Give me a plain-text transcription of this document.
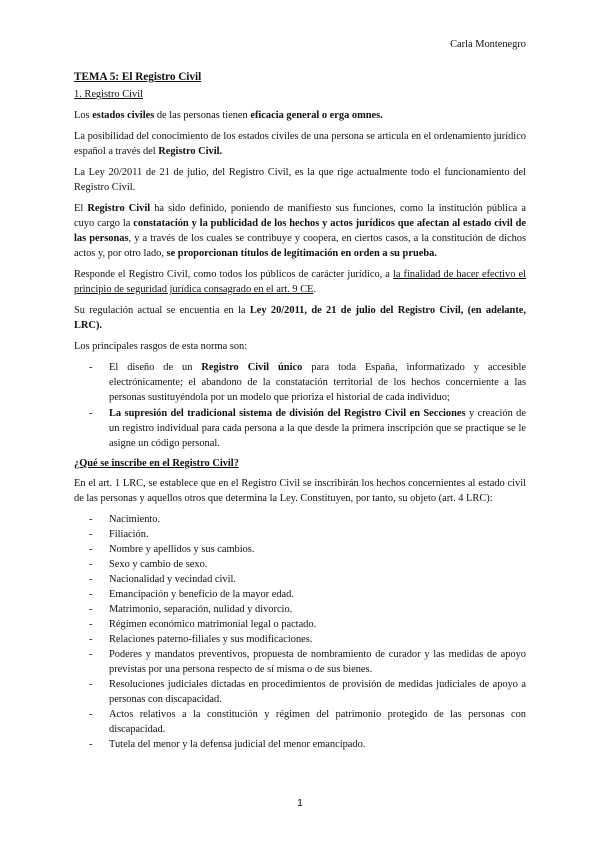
Carla Montenegro
TEMA 5: El Registro Civil
1. Registro Civil

Los estados civiles de las personas tienen eficacia general o erga omnes.

La posibilidad del conocimiento de los estados civiles de una persona se articula en el ordenamiento jurídico español a través del Registro Civil.

La Ley 20/2011 de 21 de julio, del Registro Civil, es la que rige actualmente todo el funcionamiento del Registro Civil.

El Registro Civil ha sido definido, poniendo de manifiesto sus funciones, como la institución pública a cuyo cargo la constatación y la publicidad de los hechos y actos jurídicos que afectan al estado civil de las personas, y a través de los cuales se contribuye y coopera, en ciertos casos, a la constitución de dichos actos y, por otro lado, se proporcionan títulos de legitimación en orden a su prueba.

Responde el Registro Civil, como todos los públicos de carácter jurídico, a la finalidad de hacer efectivo el principio de seguridad jurídica consagrado en el art. 9 CE.

Su regulación actual se encuentia en la Ley 20/2011, de 21 de julio del Registro Civil, (en adelante, LRC).

Los principales rasgos de esta norma son:

- El diseño de un Registro Civil único para toda España, informatizado y accesible electrónicamente; el abandono de la constatación territorial de los hechos concerniente a las personas sustituyéndola por un modelo que prioriza el historial de cada individuo;
- La supresión del tradicional sistema de división del Registro Civil en Secciones y creación de un registro individual para cada persona a la que desde la primera inscripción que se practique se le asigne un código personal.
¿Qué se inscribe en el Registro Civil?

En el art. 1 LRC, se establece que en el Registro Civil se inscribirán los hechos concernientes al estado civil de las personas y aquellos otros que determina la Ley. Constituyen, por tanto, su objeto (art. 4 LRC):

- Nacimiento.
- Filiación.
- Nombre y apellidos y sus cambios.
- Sexo y cambio de sexo.
- Nacionalidad y vecindad civil.
- Emancipación y beneficio de la mayor edad.
- Matrimonio, separación, nulidad y divorcio.
- Régimen económico matrimonial legal o pactado.
- Relaciones paterno-filiales y sus modificaciones.
- Poderes y mandatos preventivos, propuesta de nombramiento de curador y las medidas de apoyo previstas por una persona respecto de sí misma o de sus bienes.
- Resoluciones judiciales dictadas en procedimientos de provisión de medidas judiciales de apoyo a personas con discapacidad.
- Actos relativos a la constitución y régimen del patrimonio protegido de las personas con discapacidad.
- Tutela del menor y la defensa judicial del menor emancipado.
1
